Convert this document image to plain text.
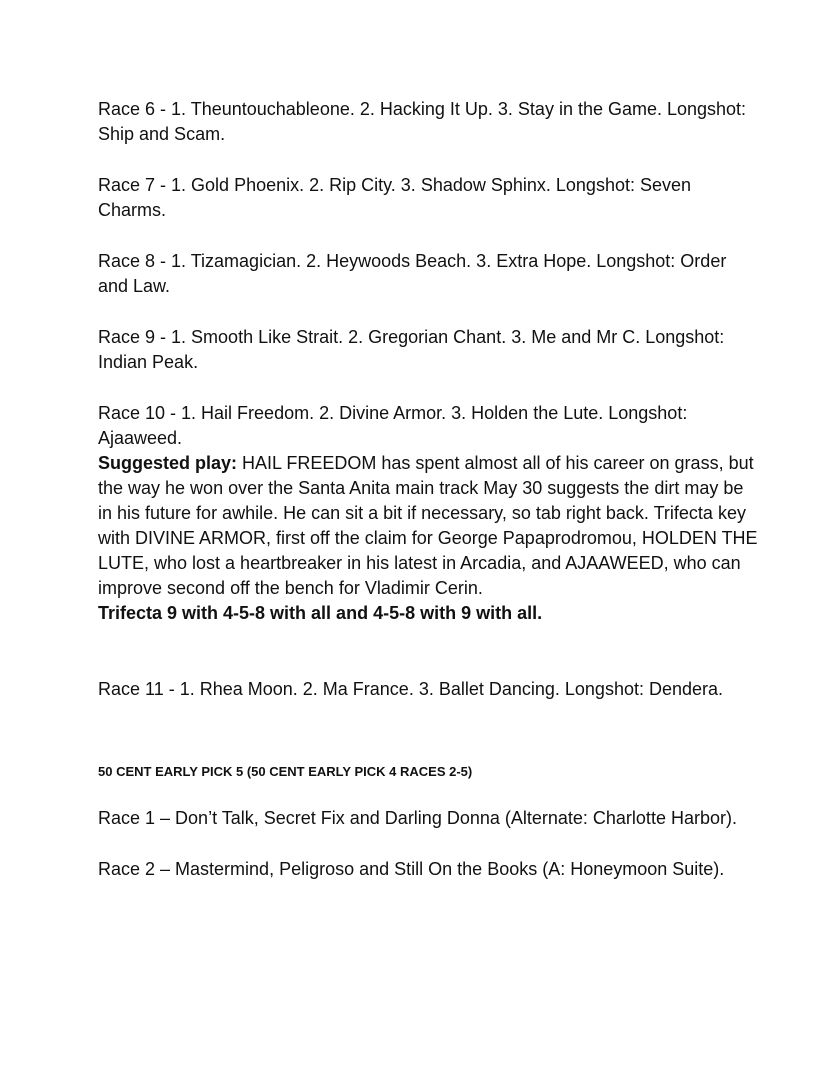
Race 6 - 1. Theuntouchableone. 2. Hacking It Up. 3. Stay in the Game. Longshot: Ship and Scam.

Race 7 - 1. Gold Phoenix. 2. Rip City. 3. Shadow Sphinx. Longshot: Seven Charms.

Race 8 - 1. Tizamagician. 2. Heywoods Beach. 3. Extra Hope. Longshot: Order and Law.

Race 9 - 1. Smooth Like Strait. 2. Gregorian Chant. 3. Me and Mr C. Longshot: Indian Peak.

Race 10 - 1. Hail Freedom. 2. Divine Armor. 3. Holden the Lute. Longshot: Ajaaweed.

Suggested play: HAIL FREEDOM has spent almost all of his career on grass, but the way he won over the Santa Anita main track May 30 suggests the dirt may be in his future for awhile. He can sit a bit if necessary, so tab right back. Trifecta key with DIVINE ARMOR, first off the claim for George Papaprodromou, HOLDEN THE LUTE, who lost a heartbreaker in his latest in Arcadia, and AJAAWEED, who can improve second off the bench for Vladimir Cerin.

Trifecta 9 with 4-5-8 with all and 4-5-8 with 9 with all.

Race 11 - 1. Rhea Moon. 2. Ma France. 3. Ballet Dancing. Longshot: Dendera.

50 CENT EARLY PICK 5 (50 CENT EARLY PICK 4 RACES 2-5)

Race 1 – Don’t Talk, Secret Fix and Darling Donna (Alternate: Charlotte Harbor).

Race 2 – Mastermind, Peligroso and Still On the Books (A: Honeymoon Suite).
